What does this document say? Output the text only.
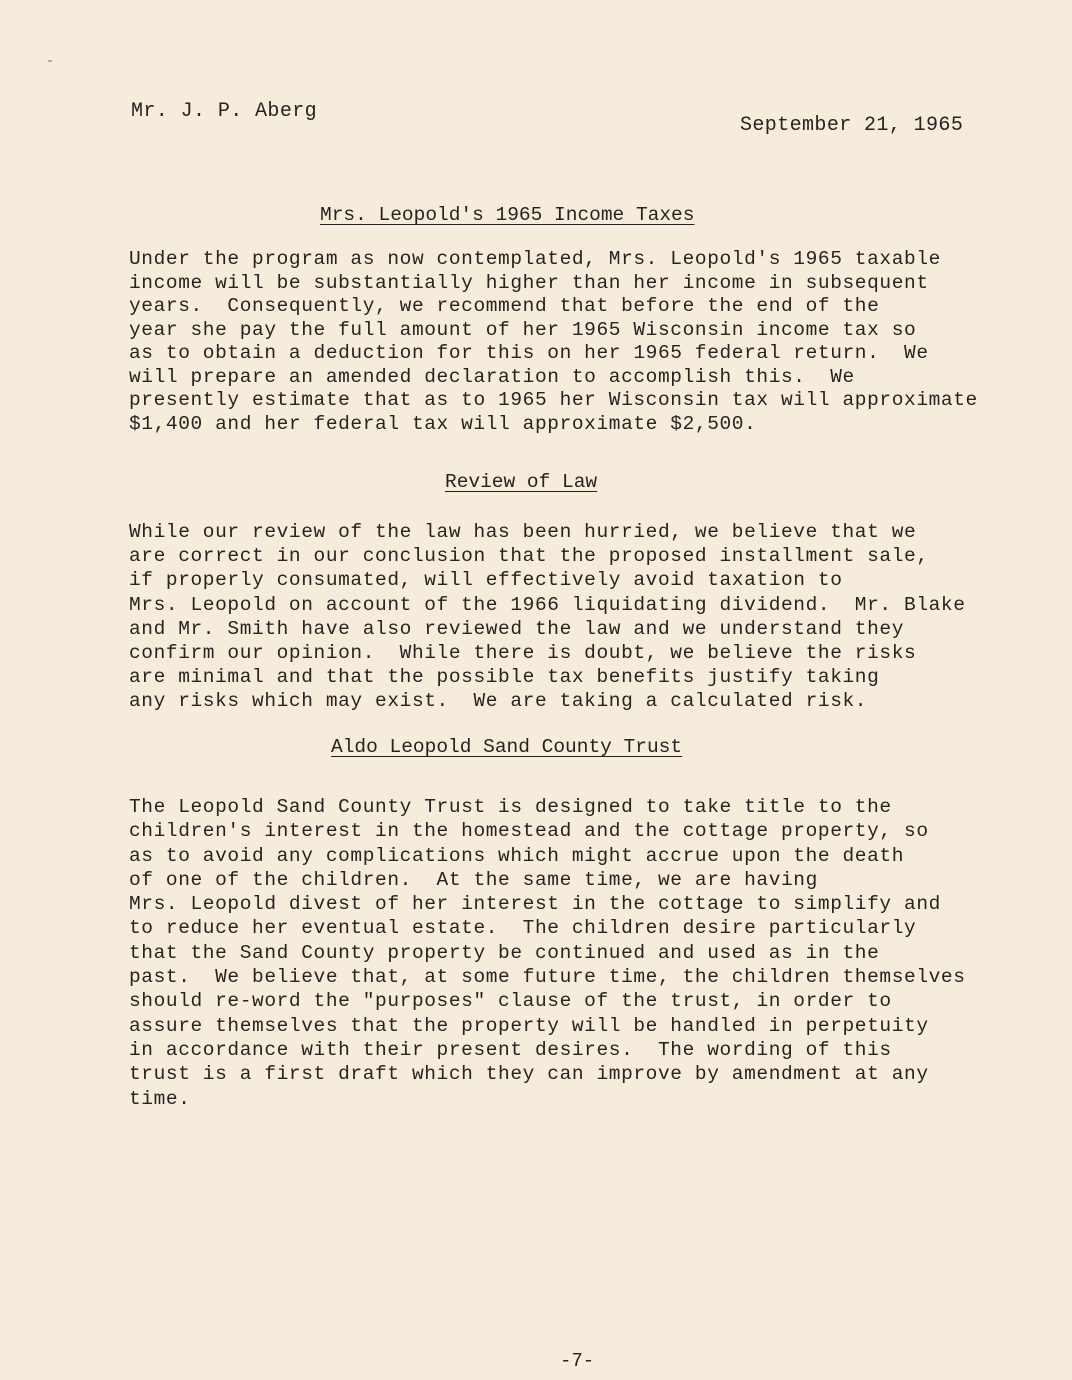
Mr. J. P. Aberg
September 21, 1965
Mrs. Leopold's 1965 Income Taxes
Under the program as now contemplated, Mrs. Leopold's 1965 taxable
income will be substantially higher than her income in subsequent
years.  Consequently, we recommend that before the end of the
year she pay the full amount of her 1965 Wisconsin income tax so
as to obtain a deduction for this on her 1965 federal return.  We
will prepare an amended declaration to accomplish this.  We
presently estimate that as to 1965 her Wisconsin tax will approximate
$1,400 and her federal tax will approximate $2,500.
Review of Law
While our review of the law has been hurried, we believe that we
are correct in our conclusion that the proposed installment sale,
if properly consumated, will effectively avoid taxation to
Mrs. Leopold on account of the 1966 liquidating dividend.  Mr. Blake
and Mr. Smith have also reviewed the law and we understand they
confirm our opinion.  While there is doubt, we believe the risks
are minimal and that the possible tax benefits justify taking
any risks which may exist.  We are taking a calculated risk.
Aldo Leopold Sand County Trust
The Leopold Sand County Trust is designed to take title to the
children's interest in the homestead and the cottage property, so
as to avoid any complications which might accrue upon the death
of one of the children.  At the same time, we are having
Mrs. Leopold divest of her interest in the cottage to simplify and
to reduce her eventual estate.  The children desire particularly
that the Sand County property be continued and used as in the
past.  We believe that, at some future time, the children themselves
should re-word the "purposes" clause of the trust, in order to
assure themselves that the property will be handled in perpetuity
in accordance with their present desires.  The wording of this
trust is a first draft which they can improve by amendment at any
time.
-7-
